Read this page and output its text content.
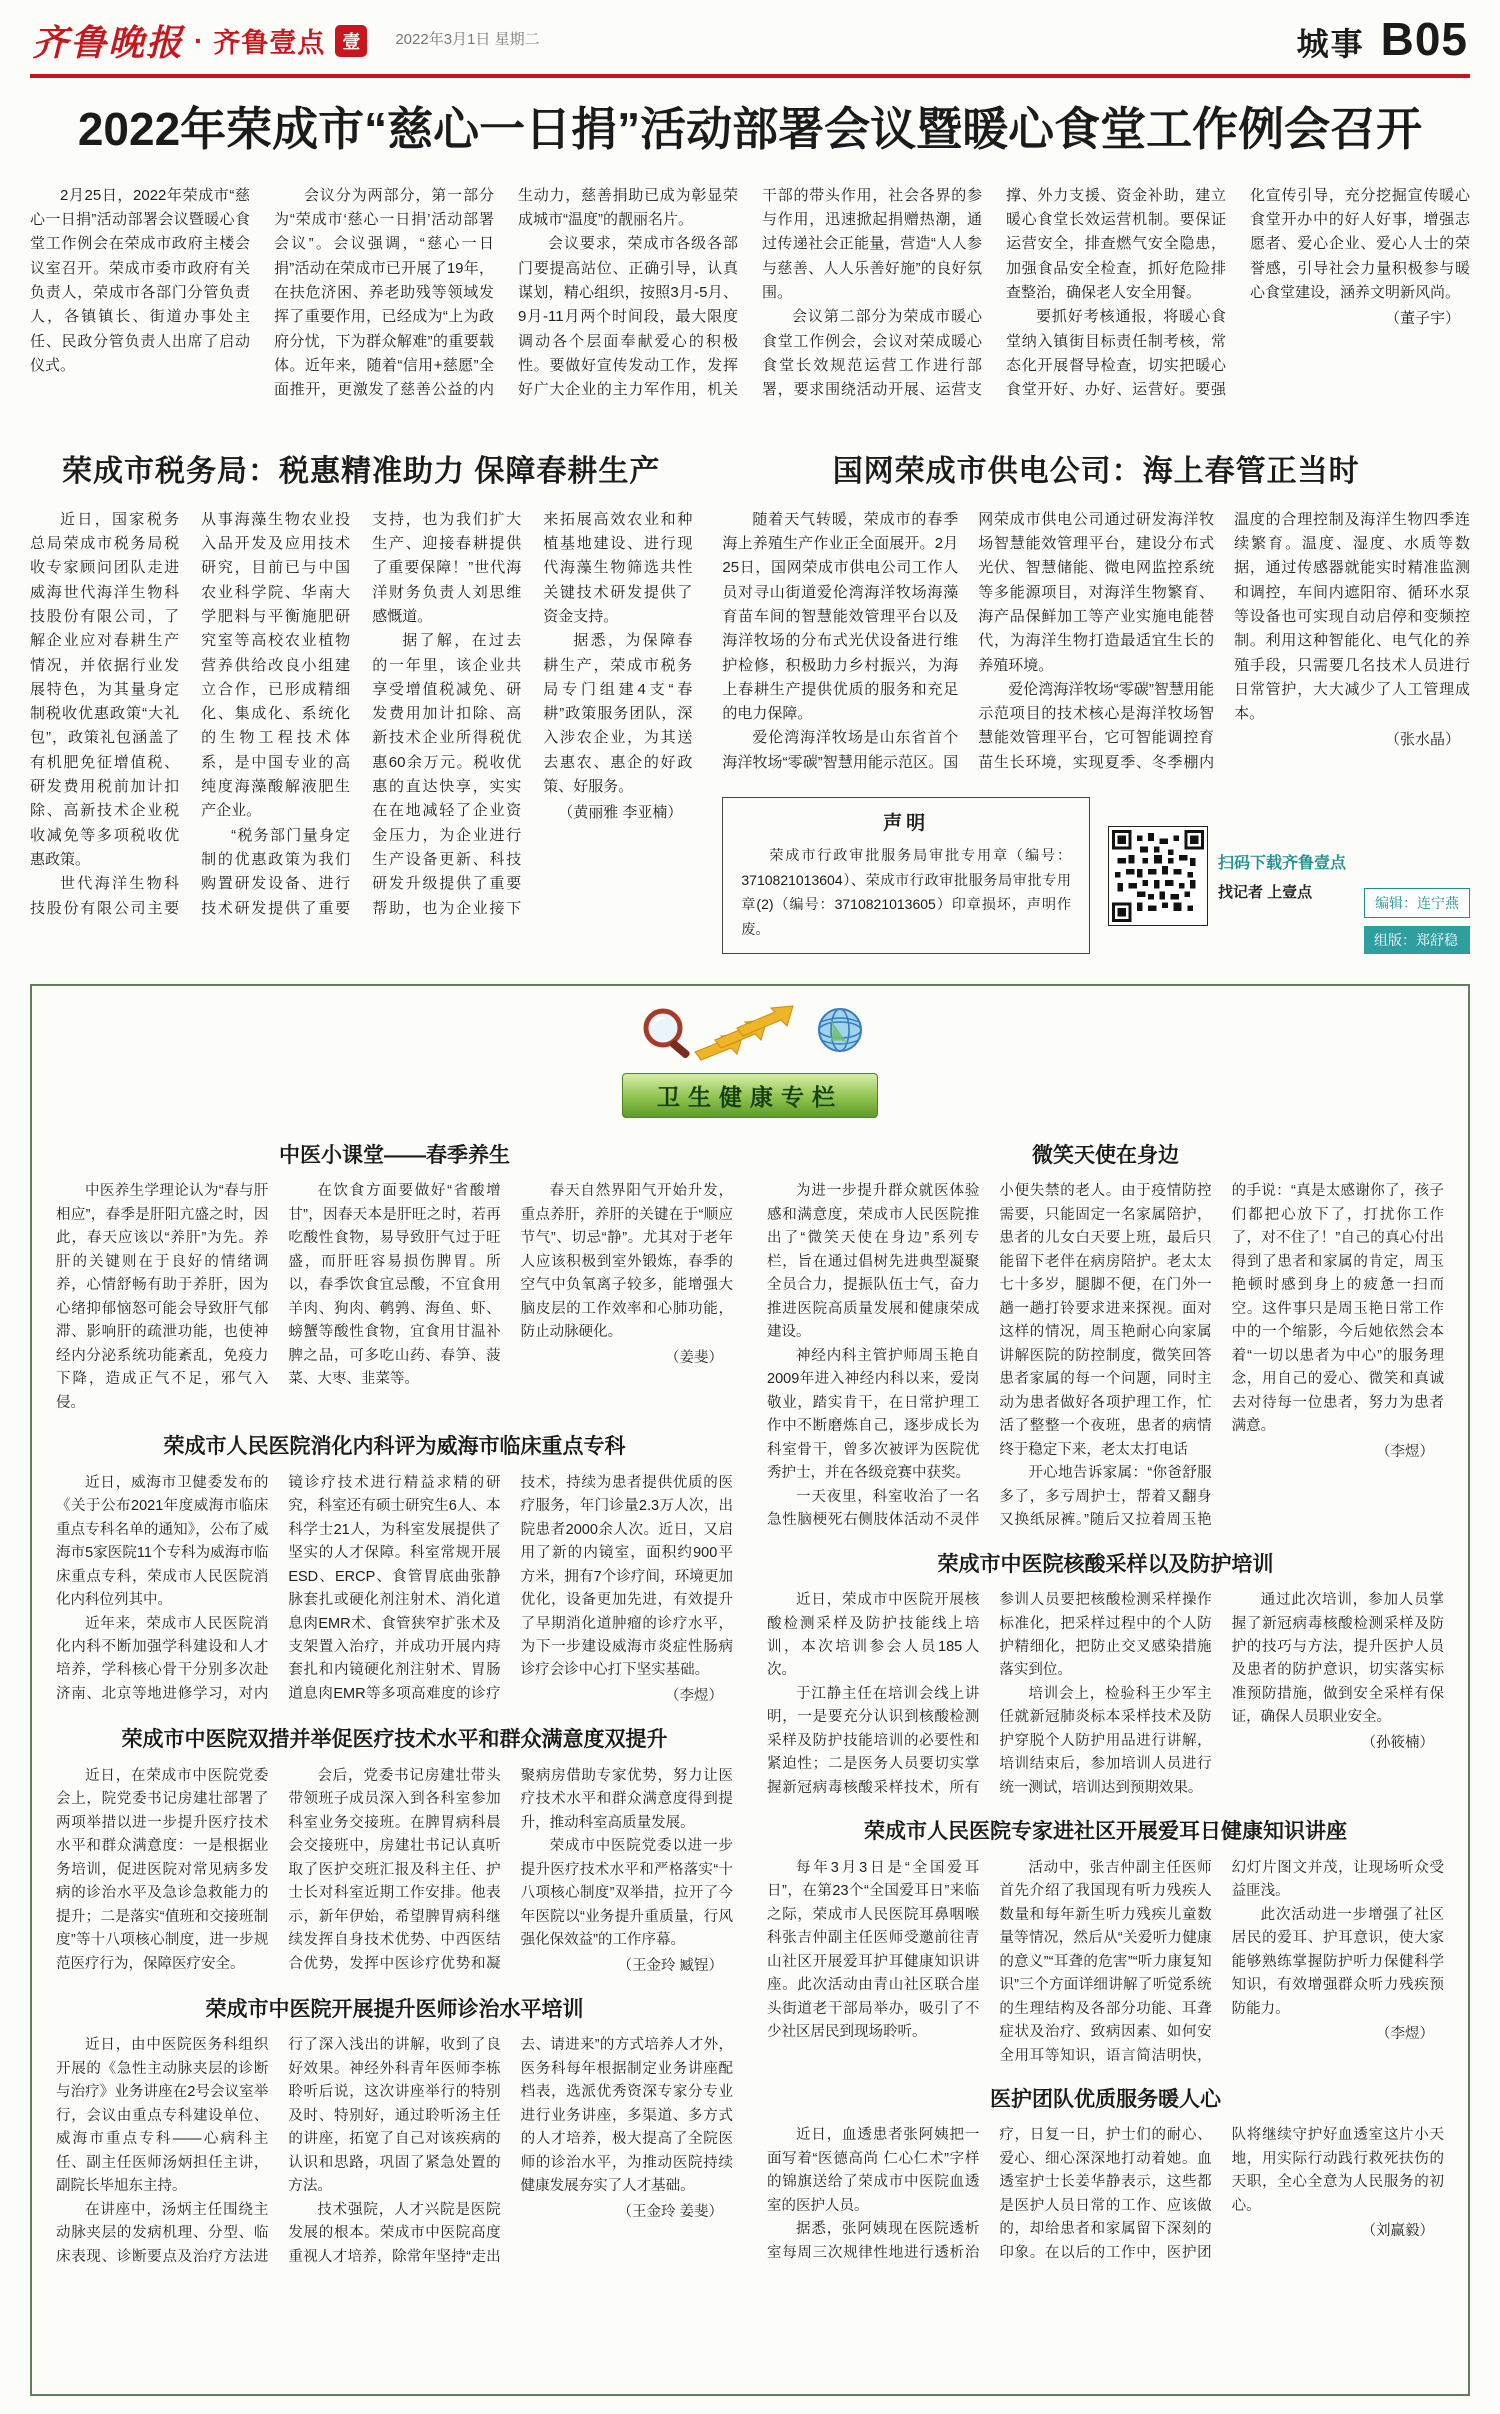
齐鲁晚报 · 齐鲁壹点 壹	2022年3月1日 星期二	城事 B05
2022年荣成市“慈心一日捐”活动部署会议暨暖心食堂工作例会召开

2月25日，2022年荣成市“慈心一日捐”活动部署会议暨暖心食堂工作例会在荣成市政府主楼会议室召开。荣成市委市政府有关负责人，荣成市各部门分管负责人，各镇镇长、街道办事处主任、民政分管负责人出席了启动仪式。

会议分为两部分，第一部分为“荣成市‘慈心一日捐’活动部署会议”。会议强调，“慈心一日捐”活动在荣成市已开展了19年，在扶危济困、养老助残等领域发挥了重要作用，已经成为“上为政府分忧，下为群众解难”的重要载体。近年来，随着“信用+慈愿”全面推开，更激发了慈善公益的内生动力，慈善捐助已成为彰显荣成城市“温度”的靓丽名片。

会议要求，荣成市各级各部门要提高站位、正确引导，认真谋划，精心组织，按照3月-5月、9月-11月两个时间段，最大限度调动各个层面奉献爱心的积极性。要做好宣传发动工作，发挥好广大企业的主力军作用，机关干部的带头作用，社会各界的参与作用，迅速掀起捐赠热潮，通过传递社会正能量，营造“人人参与慈善、人人乐善好施”的良好氛围。

会议第二部分为荣成市暖心食堂工作例会，会议对荣成暖心食堂长效规范运营工作进行部署，要求围绕活动开展、运营支撑、外力支援、资金补助，建立暖心食堂长效运营机制。要保证运营安全，排查燃气安全隐患，加强食品安全检查，抓好危险排查整治，确保老人安全用餐。

要抓好考核通报，将暖心食堂纳入镇街目标责任制考核，常态化开展督导检查，切实把暖心食堂开好、办好、运营好。要强化宣传引导，充分挖掘宣传暖心食堂开办中的好人好事，增强志愿者、爱心企业、爱心人士的荣誉感，引导社会力量积极参与暖心食堂建设，涵养文明新风尚。

（董子宇）
荣成市税务局：税惠精准助力 保障春耕生产

近日，国家税务总局荣成市税务局税收专家顾问团队走进威海世代海洋生物科技股份有限公司，了解企业应对春耕生产情况，并依据行业发展特色，为其量身定制税收优惠政策“大礼包”，政策礼包涵盖了有机肥免征增值税、研发费用税前加计扣除、高新技术企业税收减免等多项税收优惠政策。

世代海洋生物科技股份有限公司主要从事海藻生物农业投入品开发及应用技术研究，目前已与中国农业科学院、华南大学肥料与平衡施肥研究室等高校农业植物营养供给改良小组建立合作，已形成精细化、集成化、系统化的生物工程技术体系，是中国专业的高纯度海藻酸解液肥生产企业。

“税务部门量身定制的优惠政策为我们购置研发设备、进行技术研发提供了重要支持，也为我们扩大生产、迎接春耕提供了重要保障！”世代海洋财务负责人刘思维感慨道。

据了解，在过去的一年里，该企业共享受增值税减免、研发费用加计扣除、高新技术企业所得税优惠60余万元。税收优惠的直达快享，实实在在地减轻了企业资金压力，为企业进行生产设备更新、科技研发升级提供了重要帮助，也为企业接下来拓展高效农业和种植基地建设、进行现代海藻生物筛选共性关键技术研发提供了资金支持。

据悉，为保障春耕生产，荣成市税务局专门组建4支“春耕”政策服务团队，深入涉农企业，为其送去惠农、惠企的好政策、好服务。

（黄丽雅 李亚楠）
国网荣成市供电公司：海上春管正当时

随着天气转暖，荣成市的春季海上养殖生产作业正全面展开。2月25日，国网荣成市供电公司工作人员对寻山街道爱伦湾海洋牧场海藻育苗车间的智慧能效管理平台以及海洋牧场的分布式光伏设备进行维护检修，积极助力乡村振兴，为海上春耕生产提供优质的服务和充足的电力保障。

爱伦湾海洋牧场是山东省首个海洋牧场“零碳”智慧用能示范区。国网荣成市供电公司通过研发海洋牧场智慧能效管理平台，建设分布式光伏、智慧储能、微电网监控系统等多能源项目，对海洋生物繁育、海产品保鲜加工等产业实施电能替代，为海洋生物打造最适宜生长的养殖环境。

爱伦湾海洋牧场“零碳”智慧用能示范项目的技术核心是海洋牧场智慧能效管理平台，它可智能调控育苗生长环境，实现夏季、冬季棚内温度的合理控制及海洋生物四季连续繁育。温度、湿度、水质等数据，通过传感器就能实时精准监测和调控，车间内遮阳帘、循环水泵等设备也可实现自动启停和变频控制。利用这种智能化、电气化的养殖手段，只需要几名技术人员进行日常管护，大大减少了人工管理成本。

（张水晶）
声明

荣成市行政审批服务局审批专用章（编号：3710821013604）、荣成市行政审批服务局审批专用章(2)（编号：3710821013605）印章损坏，声明作废。

扫码下载齐鲁壹点
找记者 上壹点
编辑：连宁燕
组版：郑舒稳
卫生健康专栏
中医小课堂——春季养生

中医养生学理论认为“春与肝相应”，春季是肝阳亢盛之时，因此，春天应该以“养肝”为先。养肝的关键则在于良好的情绪调养，心情舒畅有助于养肝，因为心绪抑郁恼怒可能会导致肝气郁滞、影响肝的疏泄功能，也使神经内分泌系统功能紊乱，免疫力下降，造成正气不足，邪气入侵。

在饮食方面要做好“省酸增甘”，因春天本是肝旺之时，若再吃酸性食物，易导致肝气过于旺盛，而肝旺容易损伤脾胃。所以，春季饮食宜忌酸，不宜食用羊肉、狗肉、鹌鹑、海鱼、虾、螃蟹等酸性食物，宜食用甘温补脾之品，可多吃山药、春笋、菠菜、大枣、韭菜等。

春天自然界阳气开始升发，重点养肝，养肝的关键在于“顺应节气”、切忌“静”。尤其对于老年人应该积极到室外锻炼，春季的空气中负氧离子较多，能增强大脑皮层的工作效率和心肺功能，防止动脉硬化。

（姜斐）
荣成市人民医院消化内科评为威海市临床重点专科

近日，威海市卫健委发布的《关于公布2021年度威海市临床重点专科名单的通知》，公布了威海市5家医院11个专科为威海市临床重点专科，荣成市人民医院消化内科位列其中。

近年来，荣成市人民医院消化内科不断加强学科建设和人才培养，学科核心骨干分别多次赴济南、北京等地进修学习，对内镜诊疗技术进行精益求精的研究，科室还有硕士研究生6人、本科学士21人，为科室发展提供了坚实的人才保障。科室常规开展ESD、ERCP、食管胃底曲张静脉套扎或硬化剂注射术、消化道息肉EMR术、食管狭窄扩张术及支架置入治疗，并成功开展内痔套扎和内镜硬化剂注射术、胃肠道息肉EMR等多项高难度的诊疗技术，持续为患者提供优质的医疗服务，年门诊量2.3万人次，出院患者2000余人次。近日，又启用了新的内镜室，面积约900平方米，拥有7个诊疗间，环境更加优化，设备更加先进，有效提升了早期消化道肿瘤的诊疗水平，为下一步建设威海市炎症性肠病诊疗会诊中心打下坚实基础。

（李煜）
荣成市中医院双措并举促医疗技术水平和群众满意度双提升

近日，在荣成市中医院党委会上，院党委书记房建壮部署了两项举措以进一步提升医疗技术水平和群众满意度：一是根据业务培训，促进医院对常见病多发病的诊治水平及急诊急救能力的提升；二是落实“值班和交接班制度”等十八项核心制度，进一步规范医疗行为，保障医疗安全。

会后，党委书记房建壮带头带领班子成员深入到各科室参加科室业务交接班。在脾胃病科晨会交接班中，房建壮书记认真听取了医护交班汇报及科主任、护士长对科室近期工作安排。他表示，新年伊始，希望脾胃病科继续发挥自身技术优势、中西医结合优势，发挥中医诊疗优势和凝聚病房借助专家优势，努力让医疗技术水平和群众满意度得到提升，推动科室高质量发展。

荣成市中医院党委以进一步提升医疗技术水平和严格落实“十八项核心制度”双举措，拉开了今年医院以“业务提升重质量，行风强化保效益”的工作序幕。

（王金玲 臧锃）
荣成市中医院开展提升医师诊治水平培训

近日，由中医院医务科组织开展的《急性主动脉夹层的诊断与治疗》业务讲座在2号会议室举行，会议由重点专科建设单位、威海市重点专科——心病科主任、副主任医师汤炳担任主讲，副院长毕旭东主持。

在讲座中，汤炳主任围绕主动脉夹层的发病机理、分型、临床表现、诊断要点及治疗方法进行了深入浅出的讲解，收到了良好效果。神经外科青年医师李栋聆听后说，这次讲座举行的特别及时、特别好，通过聆听汤主任的讲座，拓宽了自己对该疾病的认识和思路，巩固了紧急处置的方法。

技术强院，人才兴院是医院发展的根本。荣成市中医院高度重视人才培养，除常年坚持“走出去、请进来”的方式培养人才外，医务科每年根据制定业务讲座配档表，选派优秀资深专家分专业进行业务讲座，多渠道、多方式的人才培养，极大提高了全院医师的诊治水平，为推动医院持续健康发展夯实了人才基础。

（王金玲 姜斐）
微笑天使在身边

为进一步提升群众就医体验感和满意度，荣成市人民医院推出了“微笑天使在身边”系列专栏，旨在通过倡树先进典型凝聚全员合力，提振队伍士气，奋力推进医院高质量发展和健康荣成建设。

神经内科主管护师周玉艳自2009年进入神经内科以来，爱岗敬业，踏实肯干，在日常护理工作中不断磨炼自己，逐步成长为科室骨干，曾多次被评为医院优秀护士，并在各级竞赛中获奖。

一天夜里，科室收治了一名急性脑梗死右侧肢体活动不灵伴小便失禁的老人。由于疫情防控需要，只能固定一名家属陪护，患者的儿女白天要上班，最后只能留下老伴在病房陪护。老太太七十多岁，腿脚不便，在门外一趟一趟打铃要求进来探视。面对这样的情况，周玉艳耐心向家属讲解医院的防控制度，微笑回答患者家属的每一个问题，同时主动为患者做好各项护理工作，忙活了整整一个夜班，患者的病情终于稳定下来，老太太打电话

开心地告诉家属：“你爸舒服多了，多亏周护士，帮着又翻身又换纸尿裤。”随后又拉着周玉艳的手说：“真是太感谢你了，孩子们都把心放下了，打扰你工作了，对不住了！”自己的真心付出得到了患者和家属的肯定，周玉艳顿时感到身上的疲惫一扫而空。这件事只是周玉艳日常工作中的一个缩影，今后她依然会本着“一切以患者为中心”的服务理念，用自己的爱心、微笑和真诚去对待每一位患者，努力为患者满意。

（李煜）
荣成市中医院核酸采样以及防护培训

近日，荣成市中医院开展核酸检测采样及防护技能线上培训，本次培训参会人员185人次。

于江静主任在培训会线上讲明，一是要充分认识到核酸检测采样及防护技能培训的必要性和紧迫性；二是医务人员要切实掌握新冠病毒核酸采样技术，所有参训人员要把核酸检测采样操作标准化，把采样过程中的个人防护精细化，把防止交叉感染措施落实到位。

培训会上，检验科王少军主任就新冠肺炎标本采样技术及防护穿脱个人防护用品进行讲解，培训结束后，参加培训人员进行统一测试，培训达到预期效果。

通过此次培训，参加人员掌握了新冠病毒核酸检测采样及防护的技巧与方法，提升医护人员及患者的防护意识，切实落实标准预防措施，做到安全采样有保证，确保人员职业安全。

（孙筱楠）
荣成市人民医院专家进社区开展爱耳日健康知识讲座

每年3月3日是“全国爱耳日”，在第23个“全国爱耳日”来临之际，荣成市人民医院耳鼻咽喉科张吉仲副主任医师受邀前往青山社区开展爱耳护耳健康知识讲座。此次活动由青山社区联合崖头街道老干部局举办，吸引了不少社区居民到现场聆听。

活动中，张吉仲副主任医师首先介绍了我国现有听力残疾人数量和每年新生听力残疾儿童数量等情况，然后从“关爱听力健康的意义”“耳聋的危害”“听力康复知识”三个方面详细讲解了听觉系统的生理结构及各部分功能、耳聋症状及治疗、致病因素、如何安全用耳等知识，语言简洁明快，幻灯片图文并茂，让现场听众受益匪浅。

此次活动进一步增强了社区居民的爱耳、护耳意识，使大家能够熟练掌握防护听力保健科学知识，有效增强群众听力残疾预防能力。

（李煜）
医护团队优质服务暖人心

近日，血透患者张阿姨把一面写着“医德高尚 仁心仁术”字样的锦旗送给了荣成市中医院血透室的医护人员。

据悉，张阿姨现在医院透析室每周三次规律性地进行透析治疗，日复一日，护士们的耐心、爱心、细心深深地打动着她。血透室护士长姜华静表示，这些都是医护人员日常的工作、应该做的，却给患者和家属留下深刻的印象。在以后的工作中，医护团队将继续守护好血透室这片小天地，用实际行动践行救死扶伤的天职，全心全意为人民服务的初心。

（刘赢毅）
